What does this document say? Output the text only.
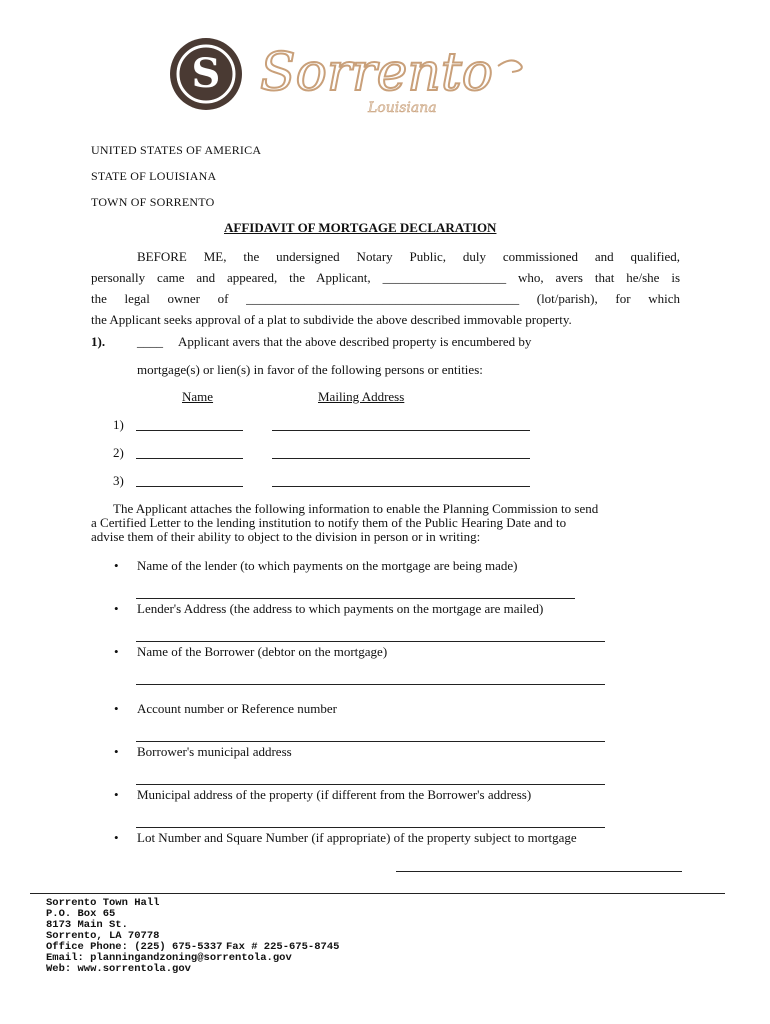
S Sorrento
Louisiana
UNITED STATES OF AMERICA
STATE OF LOUISIANA
TOWN OF SORRENTO
AFFIDAVIT OF MORTGAGE DECLARATION
BEFORE ME, the undersigned Notary Public, duly commissioned and qualified,
personally came and appeared, the Applicant, ___________________ who, avers that he/she is
the legal owner of __________________________________________ (lot/parish), for which
the Applicant seeks approval of a plat to subdivide the above described immovable property.
1). ____ Applicant avers that the above described property is encumbered by
mortgage(s) or lien(s) in favor of the following persons or entities:
Name	Mailing Address
1)
2)
3)
The Applicant attaches the following information to enable the Planning Commission to send
a Certified Letter to the lending institution to notify them of the Public Hearing Date and to
advise them of their ability to object to the division in person or in writing:
• Name of the lender (to which payments on the mortgage are being made)
• Lender's Address (the address to which payments on the mortgage are mailed)
• Name of the Borrower (debtor on the mortgage)
• Account number or Reference number
• Borrower's municipal address
• Municipal address of the property (if different from the Borrower's address)
• Lot Number and Square Number (if appropriate) of the property subject to mortgage
Sorrento Town Hall
P.O. Box 65
8173 Main St.
Sorrento, LA 70778
Office Phone: (225) 675-5337 Fax # 225-675-8745
Email: planningandzoning@sorrentola.gov
Web: www.sorrentola.gov
